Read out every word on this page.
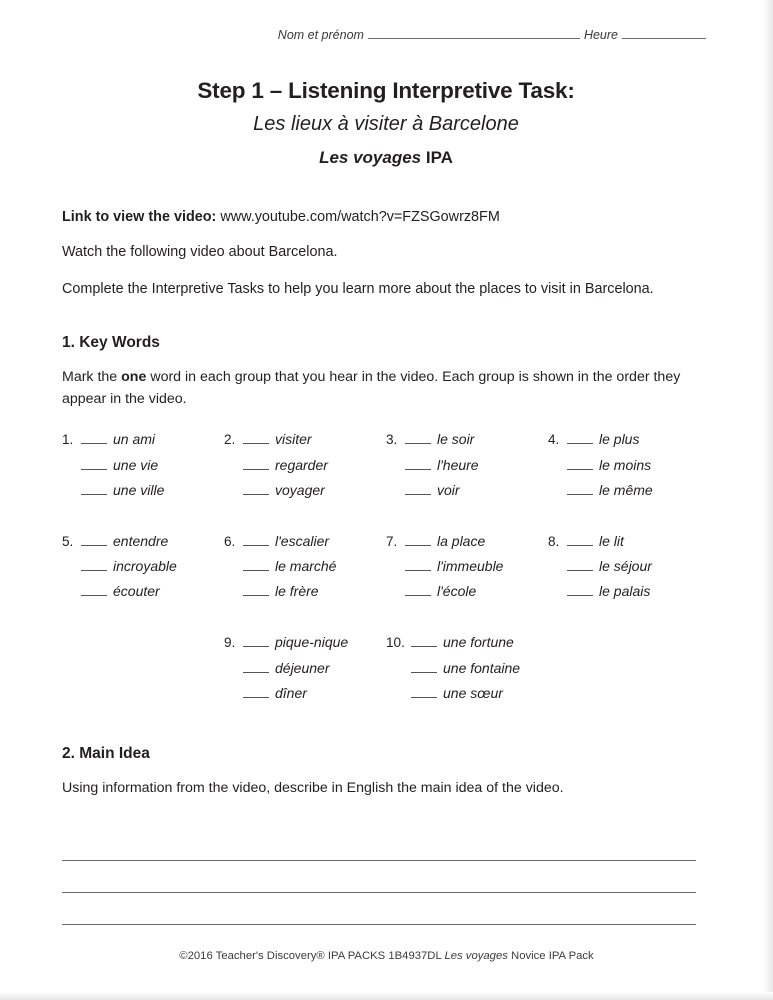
Nom et prénom	Heure
Step 1 – Listening Interpretive Task:
Les lieux à visiter à Barcelone
Les voyages IPA

Link to view the video: www.youtube.com/watch?v=FZSGowrz8FM

Watch the following video about Barcelona.

Complete the Interpretive Tasks to help you learn more about the places to visit in Barcelona.

1. Key Words

Mark the one word in each group that you hear in the video. Each group is shown in the order they appear in the video.

1.	un ami
une vie
une ville
2.	visiter
regarder
voyager
3.	le soir
l'heure
voir
4.	le plus
le moins
le même
5.	entendre
incroyable
écouter
6.	l'escalier
le marché
le frère
7.	la place
l'immeuble
l'école
8.	le lit
le séjour
le palais
9.	pique-nique
déjeuner
dîner
10.	une fortune
une fontaine
une sœur
2. Main Idea

Using information from the video, describe in English the main idea of the video.

©2016 Teacher's Discovery® IPA PACKS 1B4937DL Les voyages Novice IPA Pack
